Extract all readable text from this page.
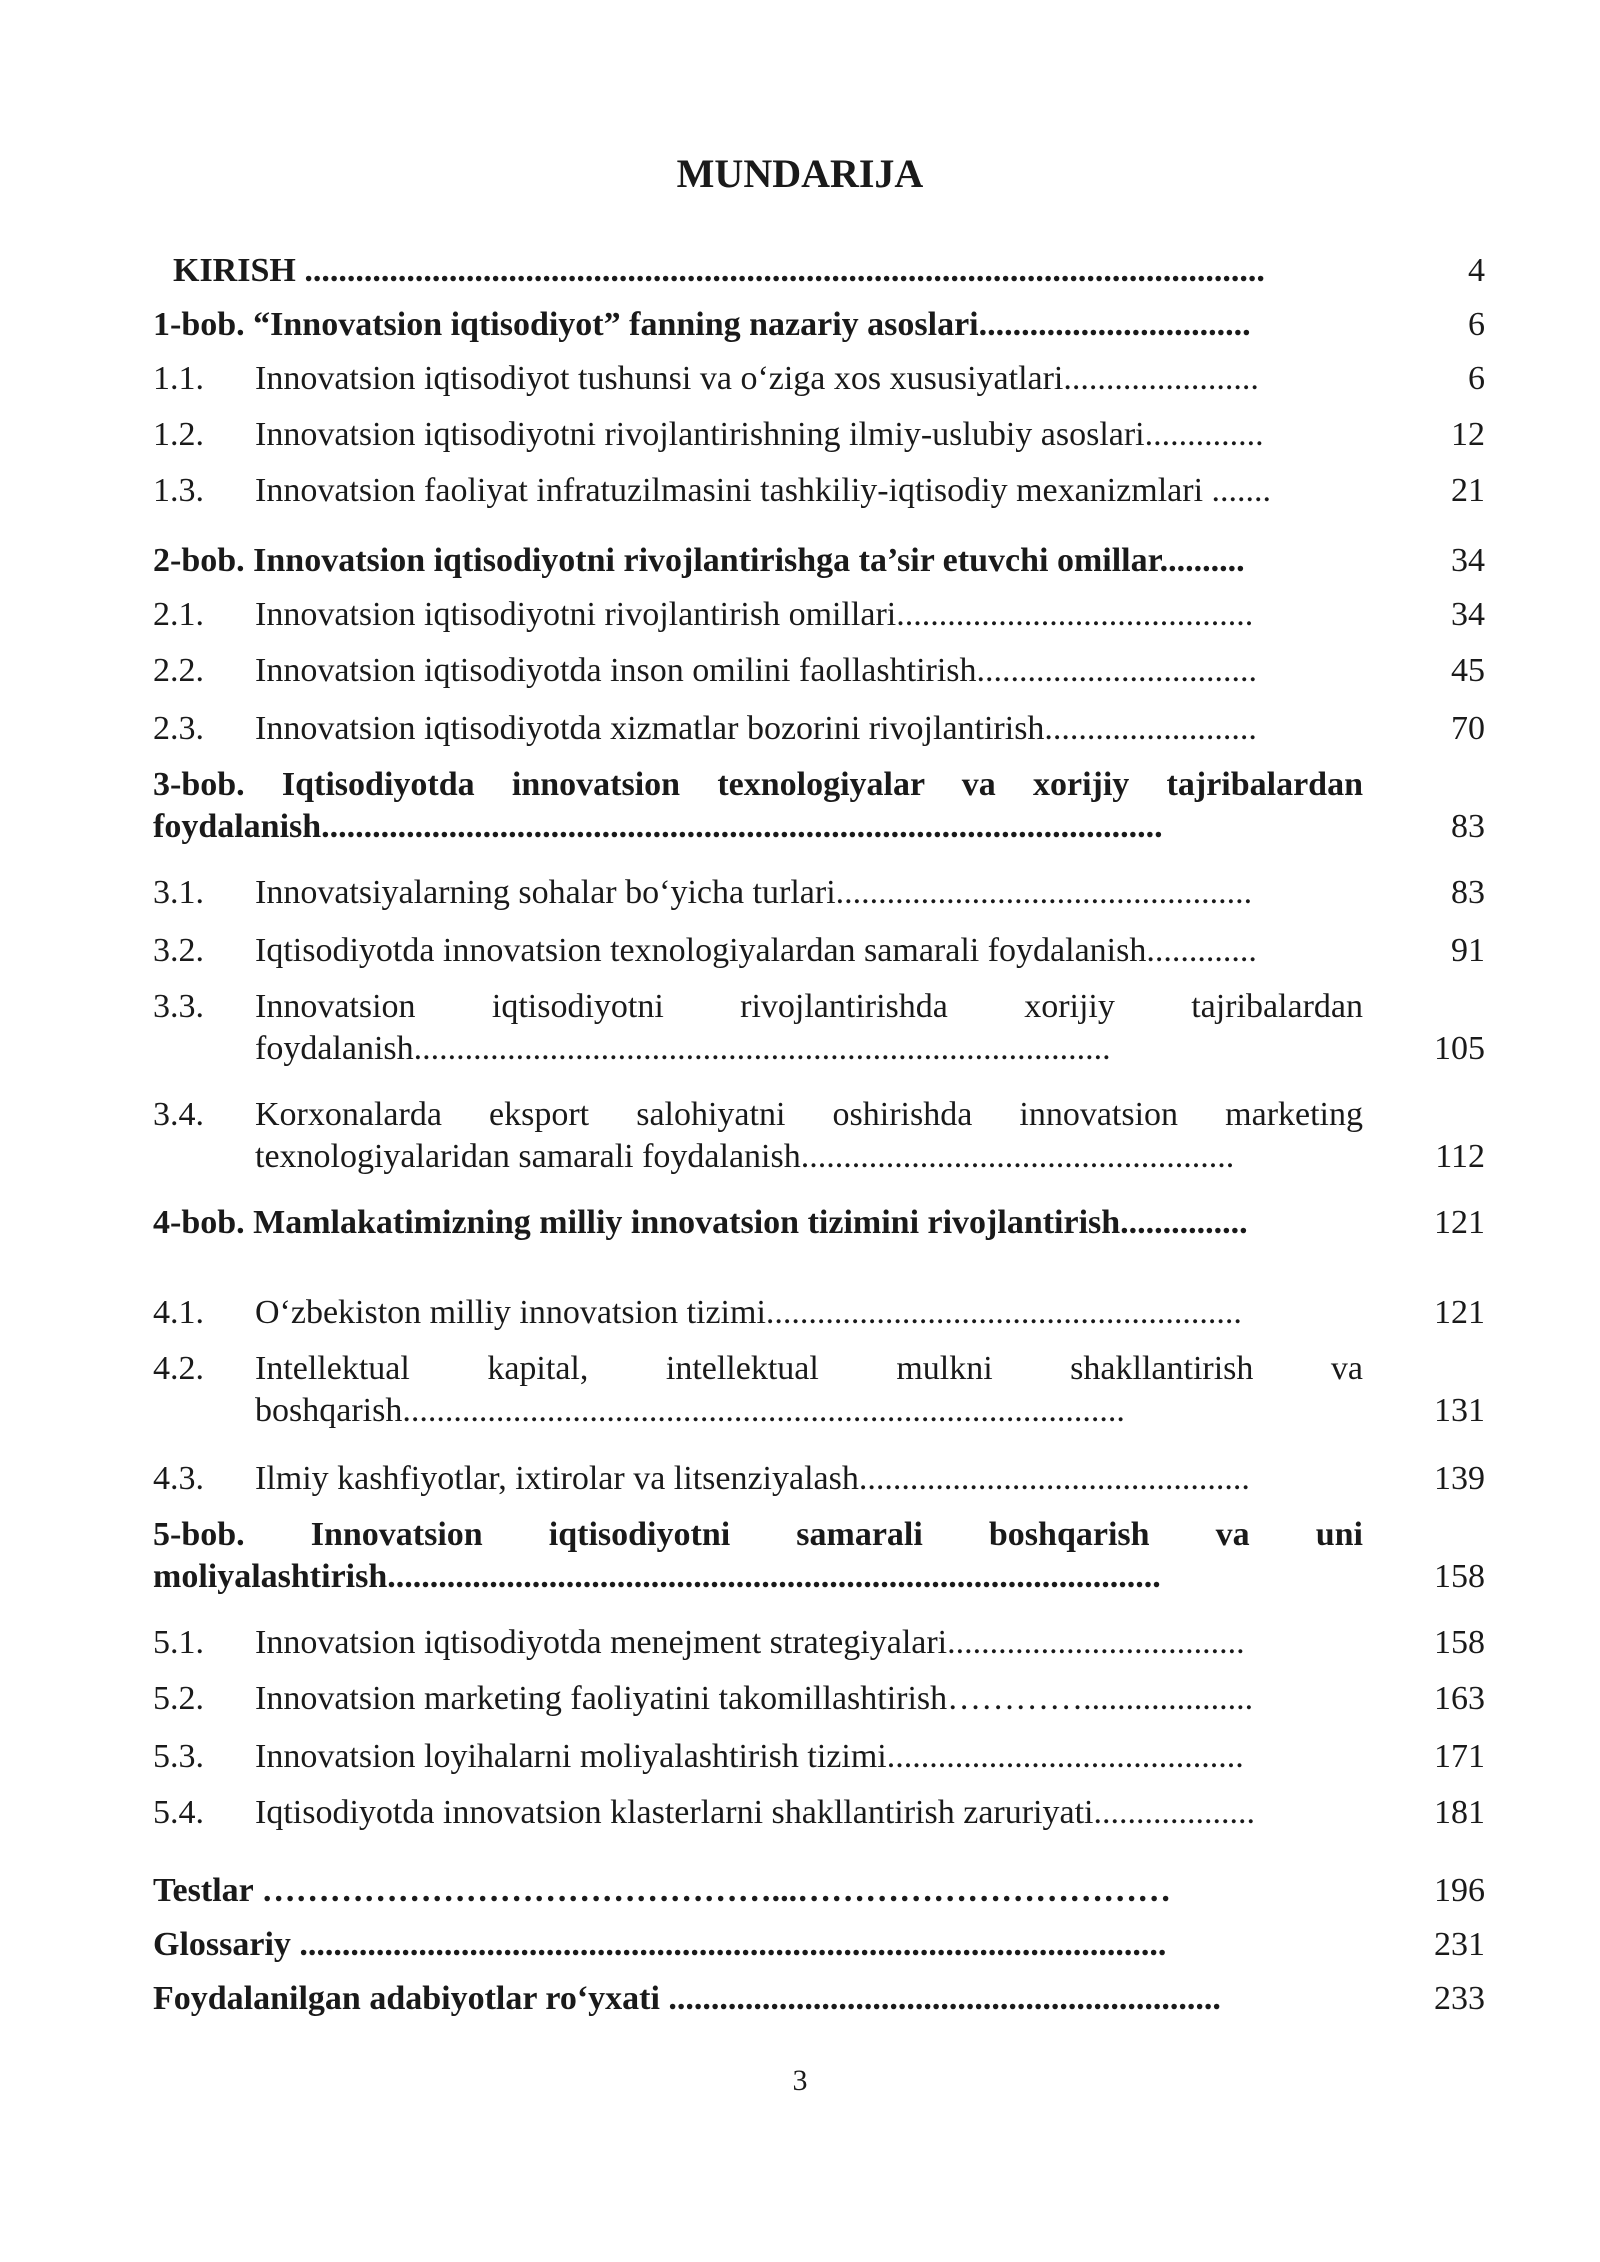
MUNDARIJA
KIRISH .................................................................................................................	4
1-bob. “Innovatsion iqtisodiyot” fanning nazariy asoslari................................	6
1.1.	Innovatsion iqtisodiyot tushunsi va o‘ziga xos xususiyatlari.......................	6
1.2.	Innovatsion iqtisodiyotni rivojlantirishning ilmiy-uslubiy asoslari..............	12
1.3.	Innovatsion faoliyat infratuzilmasini tashkiliy-iqtisodiy mexanizmlari .......	21
2-bob. Innovatsion iqtisodiyotni rivojlantirishga ta’sir etuvchi omillar..........	34
2.1.	Innovatsion iqtisodiyotni rivojlantirish omillari..........................................	34
2.2.	Innovatsion iqtisodiyotda inson omilini faollashtirish.................................	45
2.3.	Innovatsion iqtisodiyotda xizmatlar bozorini rivojlantirish.........................	70
3-bob. Iqtisodiyotda innovatsion texnologiyalar va xorijiy tajribalardan
foydalanish...................................................................................................	83
3.1.	Innovatsiyalarning sohalar bo‘yicha turlari.................................................	83
3.2.	Iqtisodiyotda innovatsion texnologiyalardan samarali foydalanish.............	91
3.3.	Innovatsion iqtisodiyotni rivojlantirishda xorijiy tajribalardan
foydalanish..................................................................................	105
3.4.	Korxonalarda eksport salohiyatni oshirishda innovatsion marketing
texnologiyalaridan samarali foydalanish...................................................	112
4-bob. Mamlakatimizning milliy innovatsion tizimini rivojlantirish...............	121
4.1.	O‘zbekiston milliy innovatsion tizimi........................................................	121
4.2.	Intellektual kapital, intellektual mulkni shakllantirish va
boshqarish.....................................................................................	131
4.3.	Ilmiy kashfiyotlar, ixtirolar va litsenziyalash..............................................	139
5-bob. Innovatsion iqtisodiyotni samarali boshqarish va uni
moliyalashtirish...........................................................................................	158
5.1.	Innovatsion iqtisodiyotda menejment strategiyalari...................................	158
5.2.	Innovatsion marketing faoliyatini takomillashtirish…………....................	163
5.3.	Innovatsion loyihalarni moliyalashtirish tizimi..........................................	171
5.4.	Iqtisodiyotda innovatsion klasterlarni shakllantirish zaruriyati...................	181
Testlar ………………………………………...……………………………	196
Glossariy ......................................................................................................	231
Foydalanilgan adabiyotlar ro‘yxati .................................................................	233
3
